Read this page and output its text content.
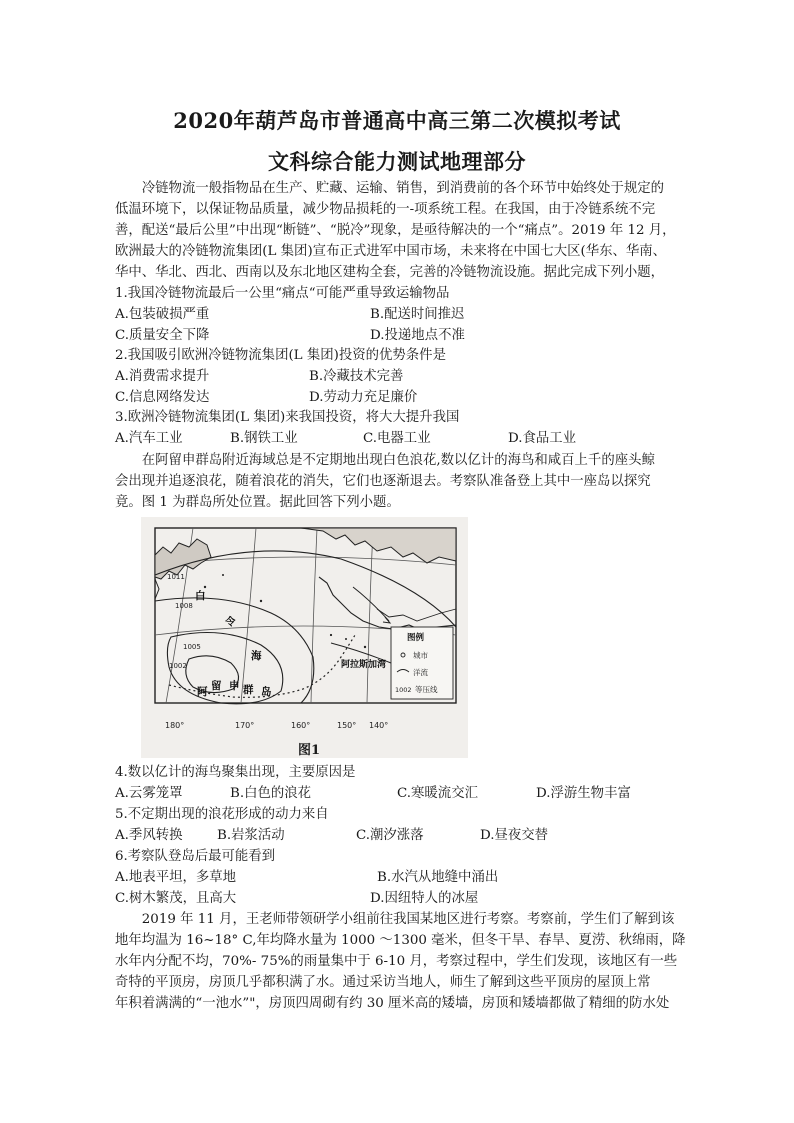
2020年葫芦岛市普通高中高三第二次模拟考试
文科综合能力测试地理部分
　　冷链物流一般指物品在生产、贮藏、运输、销售，到消费前的各个环节中始终处于规定的
低温环境下，以保证物品质量，减少物品损耗的一-项系统工程。在我国，由于冷链系统不完
善，配送“最后公里”中出现“断链”、“脱冷”现象，是亟待解决的一个“痛点”。2019 年 12 月，
欧洲最大的冷链物流集团(L 集团)宣布正式进军中国市场，未来将在中国七大区(华东、华南、
华中、华北、西北、西南以及东北地区建构全套，完善的冷链物流设施。据此完成下列小题，
1.我国冷链物流最后一公里“痛点“可能严重导致运输物品
A.包装破损严重	B.配送时间推迟
C.质量安全下降	D.投递地点不准
2.我国吸引欧洲冷链物流集团(L 集团)投资的优势条件是
A.消费需求提升	B.冷藏技术完善
C.信息网络发达	D.劳动力充足廉价
3.欧洲冷链物流集团(L 集团)来我国投资，将大大提升我国
A.汽车工业	B.钢铁工业	C.电器工业	D.食品工业
　　在阿留申群岛附近海域总是不定期地出现白色浪花,数以亿计的海鸟和咸百上千的座头鲸
会出现并追逐浪花，随着浪花的消失，它们也逐渐退去。考察队准备登上其中一座岛以探究
竟。图 1 为群岛所处位置。据此回答下列小题。
1011
1008
1005
1002
白
令
海
阿 留 申 群 岛
阿拉斯加湾
180°	170°	160°	150° 140°
图例
城市
洋流
1002 等压线
图1
4.数以亿计的海鸟聚集出现，主要原因是
A.云雾笼罩	B.白色的浪花	C.寒暖流交汇	D.浮游生物丰富
5.不定期出现的浪花形成的动力来自
A.季风转换	B.岩浆活动	C.潮汐涨落	D.昼夜交替
6.考察队登岛后最可能看到
A.地表平坦，多草地	B.水汽从地缝中涌出
C.树木繁茂，且高大	D.因纽特人的冰屋
　　2019 年 11 月，王老师带领研学小组前往我国某地区进行考察。考察前，学生们了解到该
地年均温为 16~18° C,年均降水量为 1000 ～1300 毫米，但冬干旱、春旱、夏涝、秋绵雨，降
水年内分配不均，70%- 75%的雨量集中于 6-10 月，考察过程中，学生们发现，该地区有一些
奇特的平顶房，房顶几乎都积满了水。通过采访当地人，师生了解到这些平顶房的屋顶上常
年积着满满的“一池水”"，房顶四周砌有约 30 厘米高的矮墙，房顶和矮墙都做了精细的防水处
